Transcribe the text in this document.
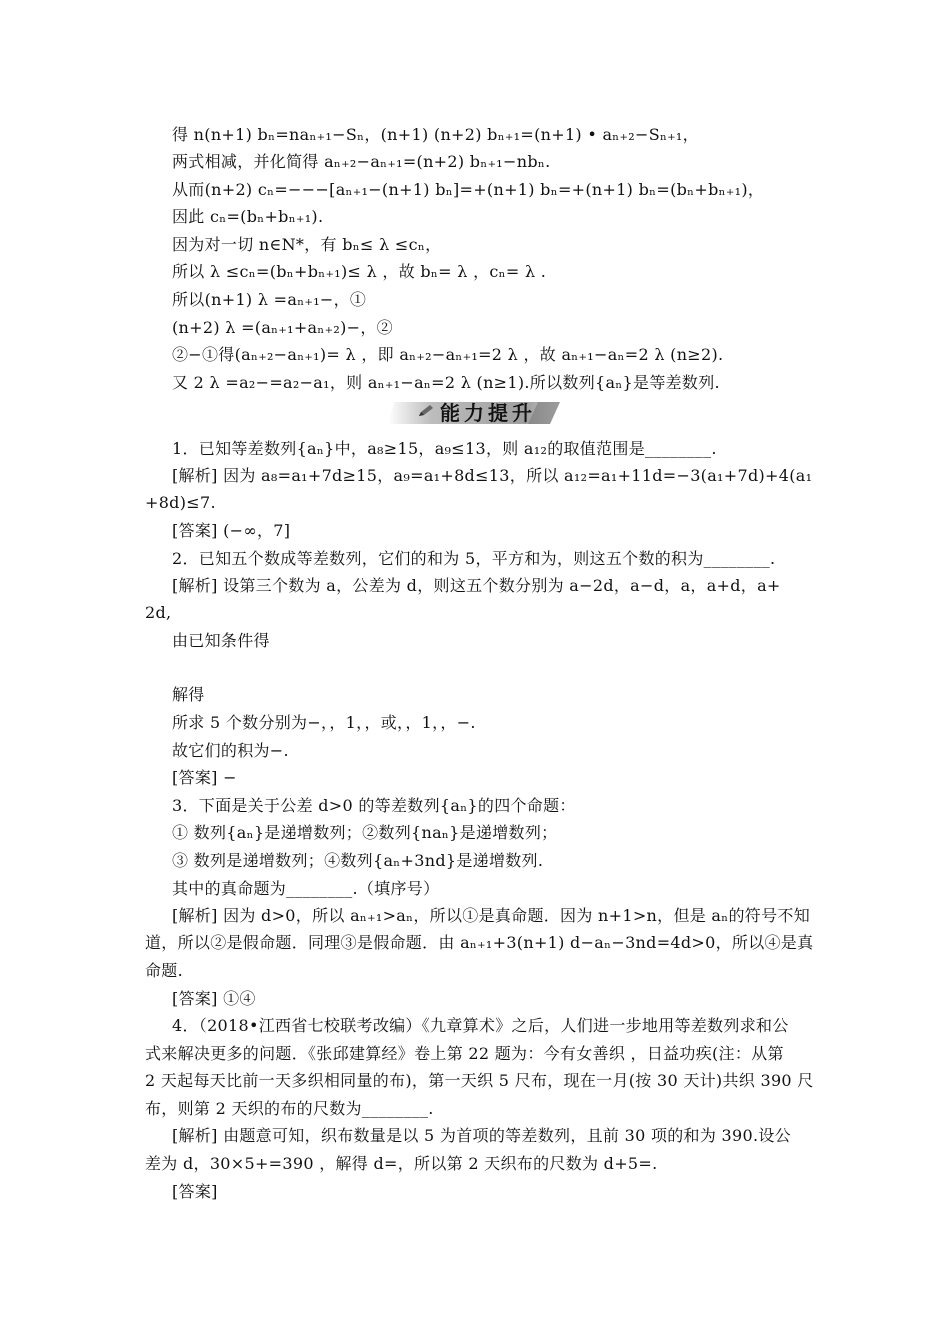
得 n(n+1) bₙ=naₙ₊₁−Sₙ，(n+1) (n+2) bₙ₊₁=(n+1) • aₙ₊₂−Sₙ₊₁，
两式相减，并化简得 aₙ₊₂−aₙ₊₁=(n+2) bₙ₊₁−nbₙ.
从而(n+2) cₙ=−−−[aₙ₊₁−(n+1) bₙ]=+(n+1) bₙ=+(n+1) bₙ=(bₙ+bₙ₊₁)，
因此 cₙ=(bₙ+bₙ₊₁).
因为对一切 n∈N*，有 bₙ≤ λ ≤cₙ，
所以 λ ≤cₙ=(bₙ+bₙ₊₁)≤ λ ，故 bₙ= λ ，cₙ= λ .
所以(n+1) λ =aₙ₊₁−，①
(n+2) λ =(aₙ₊₁+aₙ₊₂)−，②
②−①得(aₙ₊₂−aₙ₊₁)= λ ，即 aₙ₊₂−aₙ₊₁=2 λ ，故 aₙ₊₁−aₙ=2 λ (n≥2).
又 2 λ =a₂−=a₂−a₁，则 aₙ₊₁−aₙ=2 λ (n≥1).所以数列{aₙ}是等差数列.
能力提升
1．已知等差数列{aₙ}中，a₈≥15，a₉≤13，则 a₁₂的取值范围是________.
[解析] 因为 a₈=a₁+7d≥15，a₉=a₁+8d≤13，所以 a₁₂=a₁+11d=−3(a₁+7d)+4(a₁
+8d)≤7.
[答案] (−∞，7]
2．已知五个数成等差数列，它们的和为 5，平方和为，则这五个数的积为________.
[解析] 设第三个数为 a，公差为 d，则这五个数分别为 a−2d，a−d，a，a+d，a+
2d,
由已知条件得
解得
所求 5 个数分别为−，，1，，或，，1，，−.
故它们的积为−.
[答案] −
3．下面是关于公差 d>0 的等差数列{aₙ}的四个命题：
① 数列{aₙ}是递增数列；②数列{naₙ}是递增数列；
③ 数列是递增数列；④数列{aₙ+3nd}是递增数列.
其中的真命题为________.（填序号）
[解析] 因为 d>0，所以 aₙ₊₁>aₙ，所以①是真命题．因为 n+1>n，但是 aₙ的符号不知
道，所以②是假命题．同理③是假命题．由 aₙ₊₁+3(n+1) d−aₙ−3nd=4d>0，所以④是真
命题.
[答案] ①④
4．（2018•江西省七校联考改编）《九章算术》之后，人们进一步地用等差数列求和公
式来解决更多的问题．《张邱建算经》卷上第 22 题为：今有女善织 ，日益功疾(注：从第
2 天起每天比前一天多织相同量的布)，第一天织 5 尺布，现在一月(按 30 天计)共织 390 尺
布，则第 2 天织的布的尺数为________.
[解析] 由题意可知，织布数量是以 5 为首项的等差数列，且前 30 项的和为 390.设公
差为 d，30×5+=390 ，解得 d=，所以第 2 天织布的尺数为 d+5=.
[答案]
